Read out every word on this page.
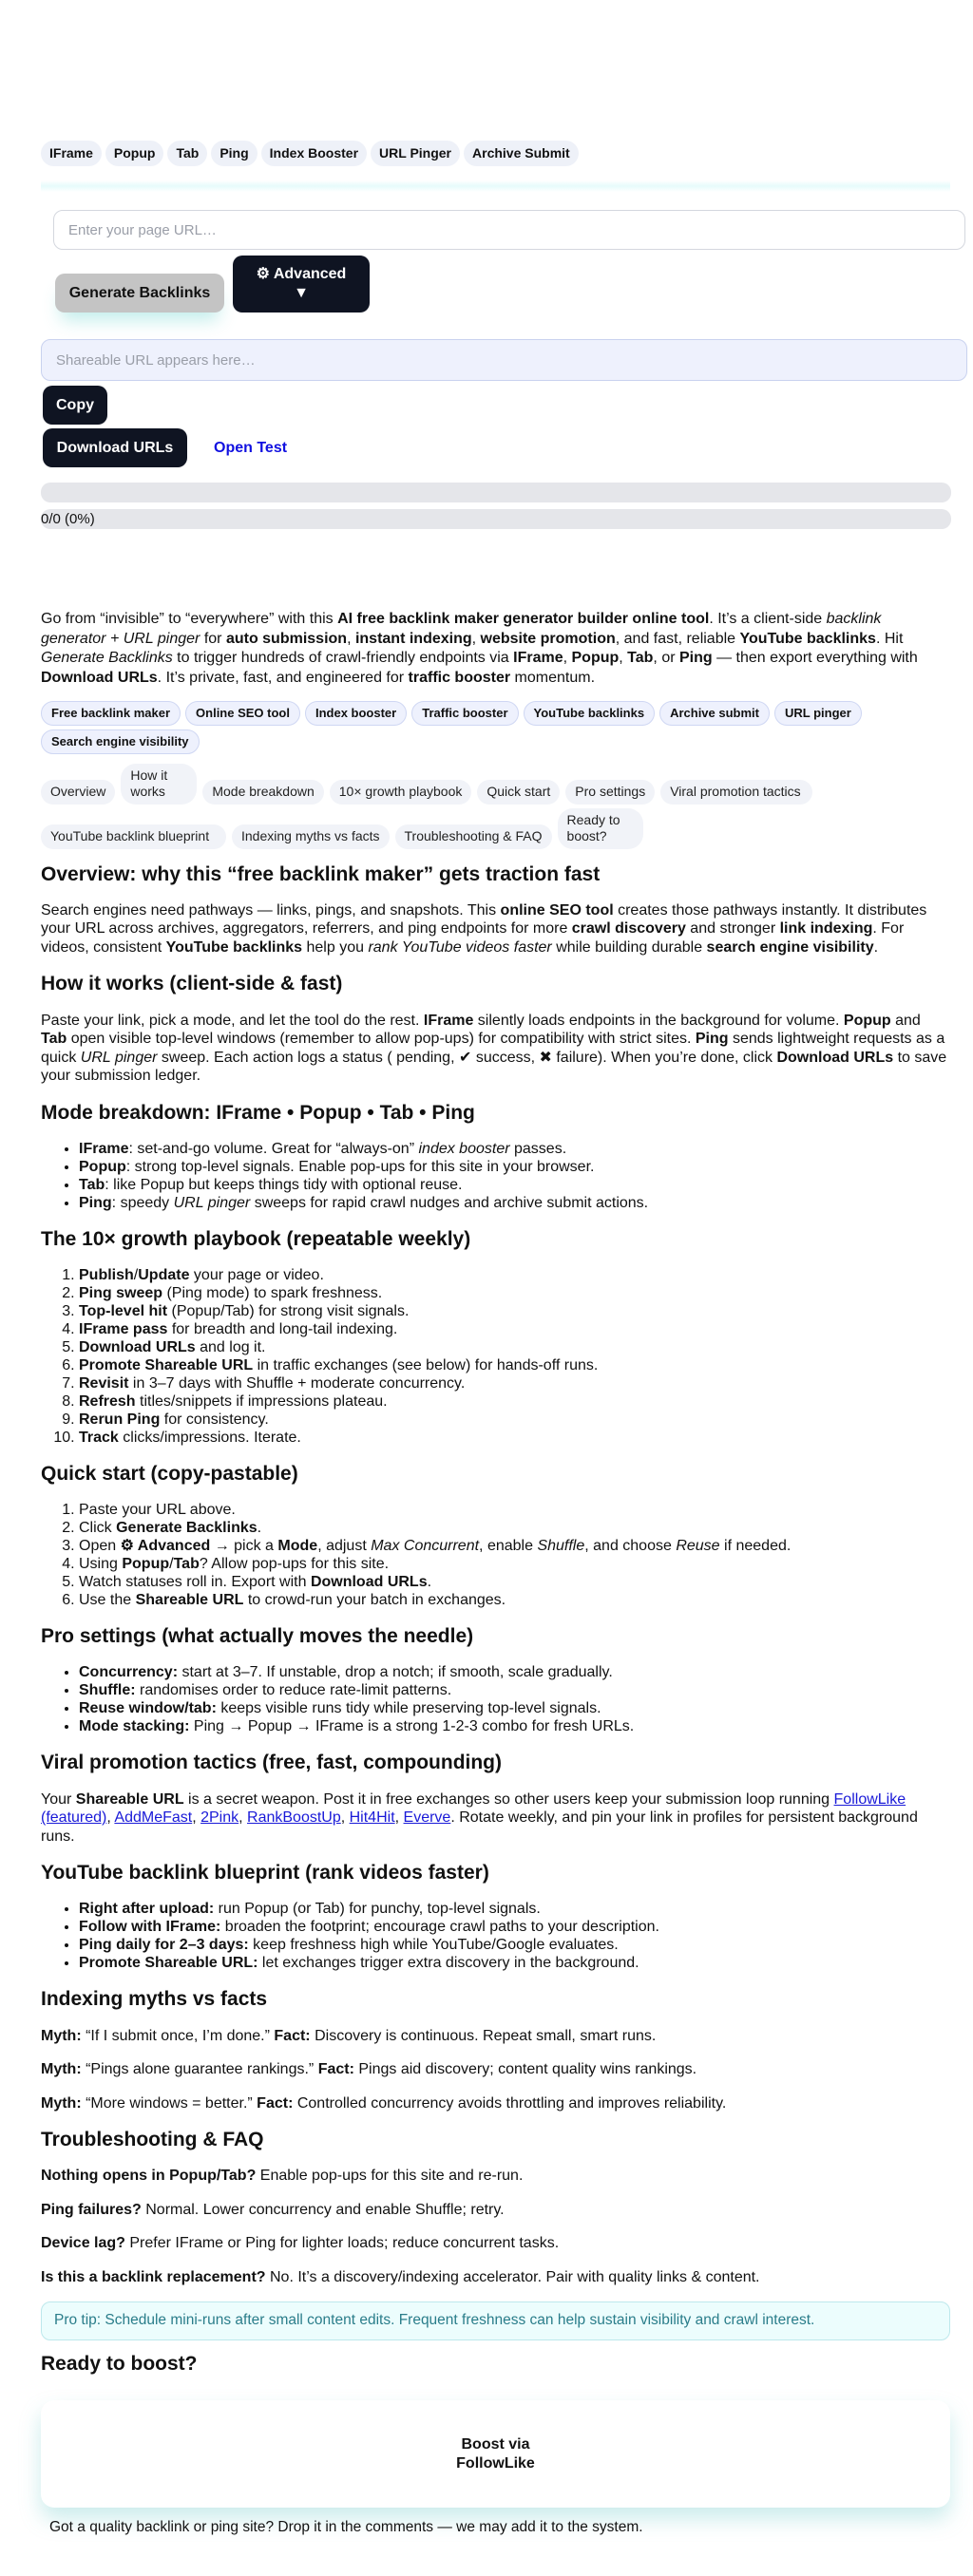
IFrame	Popup	Tab	Ping	Index Booster	URL Pinger	Archive Submit
Enter your page URL…
Generate Backlinks
⚙ Advanced
▼
Shareable URL appears here…
Copy
Download URLs	Open Test
0/0 (0%)

Go from “invisible” to “everywhere” with this AI free backlink maker generator builder online tool. It’s a client-side backlink generator + URL pinger for auto submission, instant indexing, website promotion, and fast, reliable YouTube backlinks. Hit Generate Backlinks to trigger hundreds of crawl-friendly endpoints via IFrame, Popup, Tab, or Ping — then export everything with Download URLs. It’s private, fast, and engineered for traffic booster momentum.

Free backlink maker	Online SEO tool	Index booster	Traffic booster	YouTube backlinks	Archive submit	URL pinger
Search engine visibility
Overview
How it works	Mode breakdown	10× growth playbook	Quick start	Pro settings	Viral promotion tactics
YouTube backlink blueprint	Indexing myths vs facts	Troubleshooting & FAQ
Ready to boost?
Overview: why this “free backlink maker” gets traction fast

Search engines need pathways — links, pings, and snapshots. This online SEO tool creates those pathways instantly. It distributes your URL across archives, aggregators, referrers, and ping endpoints for more crawl discovery and stronger link indexing. For videos, consistent YouTube backlinks help you rank YouTube videos faster while building durable search engine visibility.

How it works (client-side & fast)

Paste your link, pick a mode, and let the tool do the rest. IFrame silently loads endpoints in the background for volume. Popup and Tab open visible top-level windows (remember to allow pop-ups) for compatibility with strict sites. Ping sends lightweight requests as a quick URL pinger sweep. Each action logs a status ( pending, ✔ success, ✖ failure). When you’re done, click Download URLs to save your submission ledger.

Mode breakdown: IFrame • Popup • Tab • Ping
• IFrame: set-and-go volume. Great for “always-on” index booster passes.
• Popup: strong top-level signals. Enable pop-ups for this site in your browser.
• Tab: like Popup but keeps things tidy with optional reuse.
• Ping: speedy URL pinger sweeps for rapid crawl nudges and archive submit actions.
The 10× growth playbook (repeatable weekly)
1. Publish/Update your page or video.
2. Ping sweep (Ping mode) to spark freshness.
3. Top-level hit (Popup/Tab) for strong visit signals.
4. IFrame pass for breadth and long-tail indexing.
5. Download URLs and log it.
6. Promote Shareable URL in traffic exchanges (see below) for hands-off runs.
7. Revisit in 3–7 days with Shuffle + moderate concurrency.
8. Refresh titles/snippets if impressions plateau.
9. Rerun Ping for consistency.
10. Track clicks/impressions. Iterate.
Quick start (copy-pastable)
1. Paste your URL above.
2. Click Generate Backlinks.
3. Open ⚙ Advanced → pick a Mode, adjust Max Concurrent, enable Shuffle, and choose Reuse if needed.
4. Using Popup/Tab? Allow pop-ups for this site.
5. Watch statuses roll in. Export with Download URLs.
6. Use the Shareable URL to crowd-run your batch in exchanges.
Pro settings (what actually moves the needle)
• Concurrency: start at 3–7. If unstable, drop a notch; if smooth, scale gradually.
• Shuffle: randomises order to reduce rate-limit patterns.
• Reuse window/tab: keeps visible runs tidy while preserving top-level signals.
• Mode stacking: Ping → Popup → IFrame is a strong 1-2-3 combo for fresh URLs.
Viral promotion tactics (free, fast, compounding)

Your Shareable URL is a secret weapon. Post it in free exchanges so other users keep your submission loop running FollowLike (featured), AddMeFast, 2Pink, RankBoostUp, Hit4Hit, Everve. Rotate weekly, and pin your link in profiles for persistent background runs.

YouTube backlink blueprint (rank videos faster)
• Right after upload: run Popup (or Tab) for punchy, top-level signals.
• Follow with IFrame: broaden the footprint; encourage crawl paths to your description.
• Ping daily for 2–3 days: keep freshness high while YouTube/Google evaluates.
• Promote Shareable URL: let exchanges trigger extra discovery in the background.
Indexing myths vs facts

Myth: “If I submit once, I’m done.” Fact: Discovery is continuous. Repeat small, smart runs.

Myth: “Pings alone guarantee rankings.” Fact: Pings aid discovery; content quality wins rankings.

Myth: “More windows = better.” Fact: Controlled concurrency avoids throttling and improves reliability.

Troubleshooting & FAQ

Nothing opens in Popup/Tab? Enable pop-ups for this site and re-run.

Ping failures? Normal. Lower concurrency and enable Shuffle; retry.

Device lag? Prefer IFrame or Ping for lighter loads; reduce concurrent tasks.

Is this a backlink replacement? No. It’s a discovery/indexing accelerator. Pair with quality links & content.

Pro tip: Schedule mini-runs after small content edits. Frequent freshness can help sustain visibility and crawl interest.
Ready to boost?
Boost via FollowLike
Got a quality backlink or ping site? Drop it in the comments — we may add it to the system.
